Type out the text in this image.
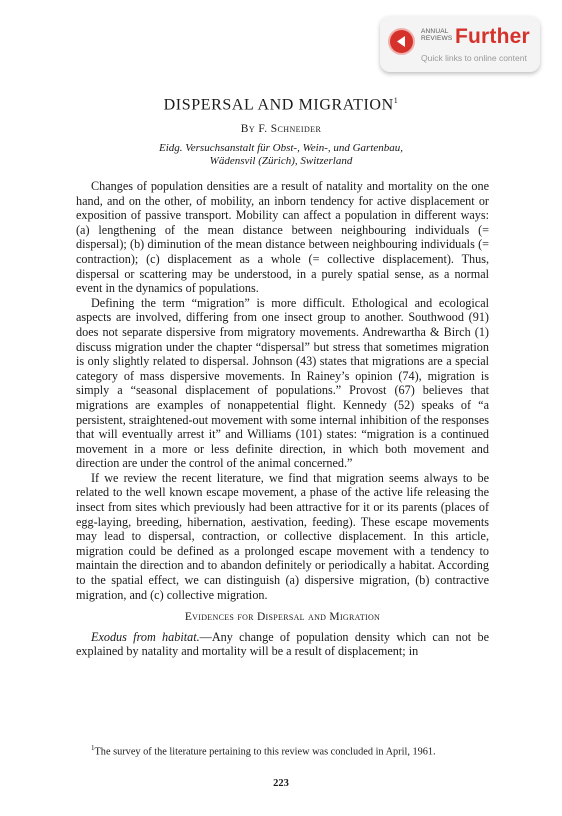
ANNUAL
REVIEWS Further
Quick links to online content
DISPERSAL AND MIGRATION$^1$
By F. Schneider
Eidg. Versuchsanstalt für Obst-, Wein-, und Gartenbau,
Wädensvil (Zürich), Switzerland

Changes of population densities are a result of natality and mortality on the one hand, and on the other, of mobility, an inborn tendency for active displacement or exposition of passive transport. Mobility can affect a population in different ways: (a) lengthening of the mean distance between neighbouring individuals (= dispersal); (b) diminution of the mean distance between neighbouring individuals (= contraction); (c) displacement as a whole (= collective displacement). Thus, dispersal or scattering may be understood, in a purely spatial sense, as a normal event in the dynamics of populations.

Defining the term “migration” is more difficult. Ethological and ecological aspects are involved, differing from one insect group to another. Southwood (91) does not separate dispersive from migratory movements. Andrewartha & Birch (1) discuss migration under the chapter “dispersal” but stress that sometimes migration is only slightly related to dispersal. Johnson (43) states that migrations are a special category of mass dispersive movements. In Rainey’s opinion (74), migration is simply a “seasonal displacement of populations.” Provost (67) believes that migrations are examples of nonappetential flight. Kennedy (52) speaks of “a persistent, straightened-out movement with some internal inhibition of the responses that will eventually arrest it” and Williams (101) states: “migration is a continued movement in a more or less definite direction, in which both movement and direction are under the control of the animal concerned.”

If we review the recent literature, we find that migration seems always to be related to the well known escape movement, a phase of the active life releasing the insect from sites which previously had been attractive for it or its parents (places of egg-laying, breeding, hibernation, aestivation, feeding). These escape movements may lead to dispersal, contraction, or collective displacement. In this article, migration could be defined as a prolonged escape movement with a tendency to maintain the direction and to abandon definitely or periodically a habitat. According to the spatial effect, we can distinguish (a) dispersive migration, (b) contractive migration, and (c) collective migration.

Evidences for Dispersal and Migration

Exodus from habitat.—Any change of population density which can not be explained by natality and mortality will be a result of displacement; in

$^1$The survey of the literature pertaining to this review was concluded in April, 1961.
223
